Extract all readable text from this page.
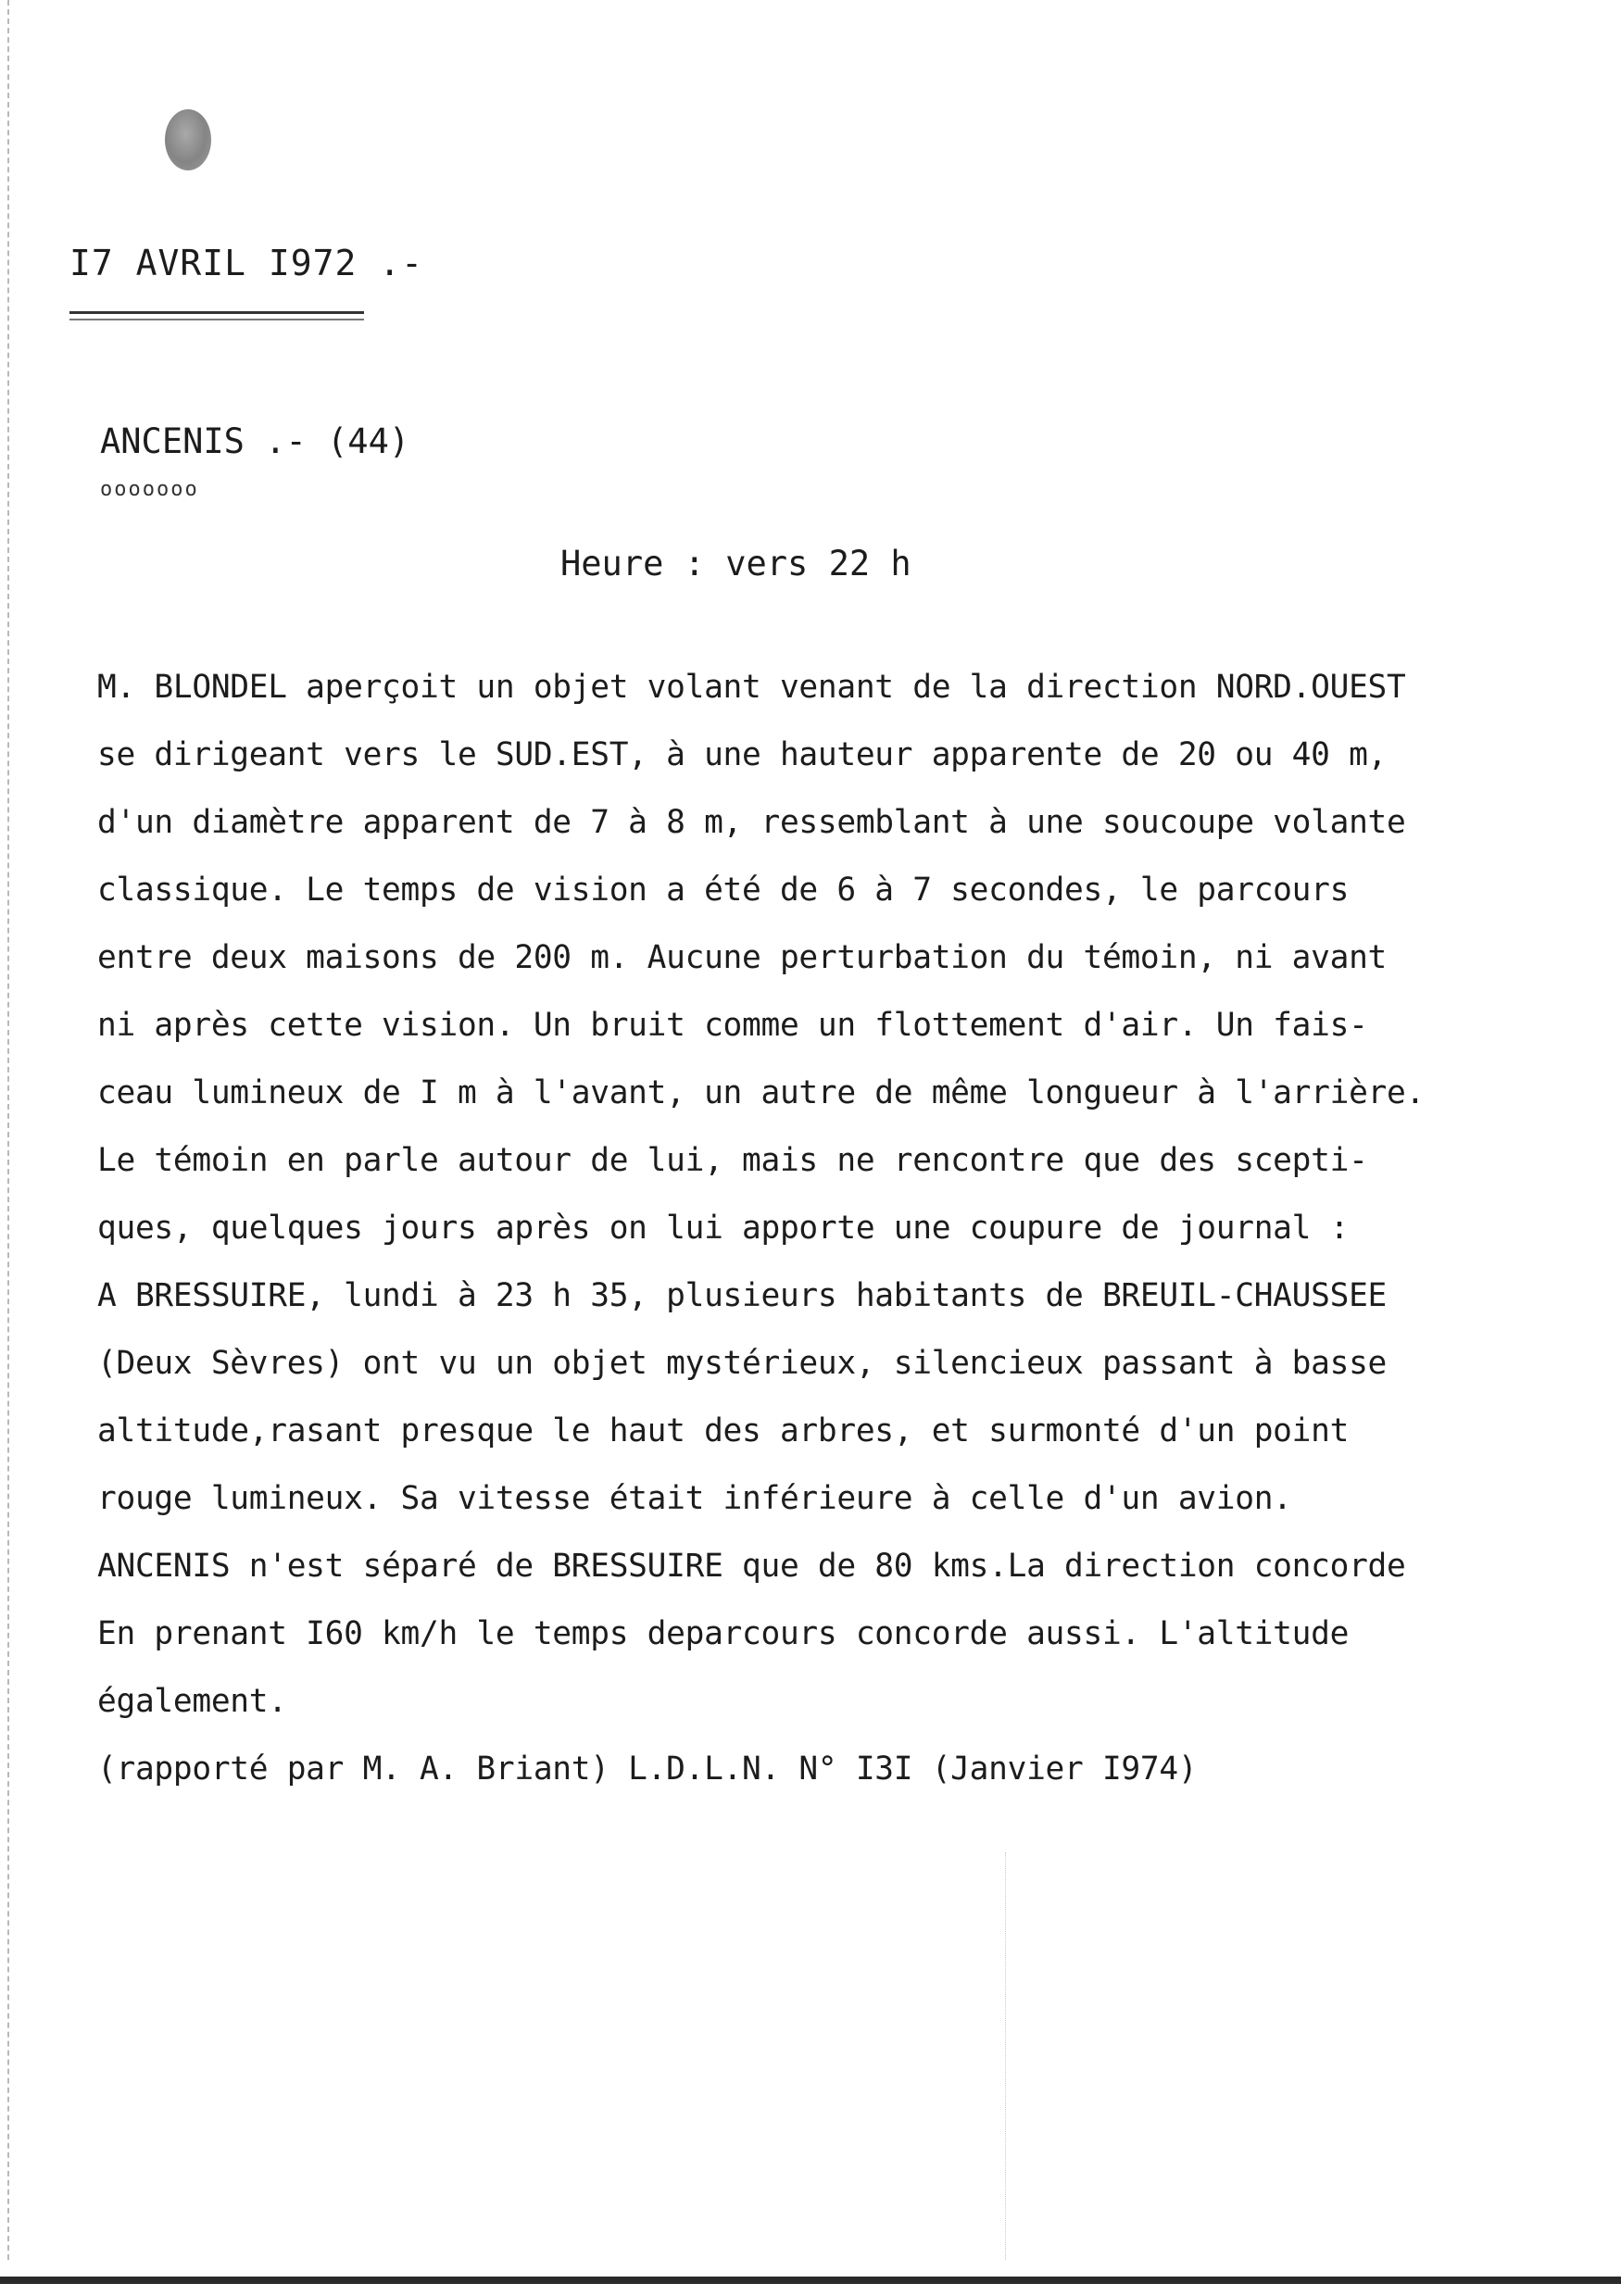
I7 AVRIL I972 .-
ANCENIS .- (44)
ooooooo
Heure : vers 22 h
M. BLONDEL aperçoit un objet volant venant de la direction NORD.OUEST
se dirigeant vers le SUD.EST, à une hauteur apparente de 20 ou 40 m,
d'un diamètre apparent de 7 à 8 m, ressemblant à une soucoupe volante
classique. Le temps de vision a été de 6 à 7 secondes, le parcours
entre deux maisons de 200 m. Aucune perturbation du témoin, ni avant
ni après cette vision. Un bruit comme un flottement d'air. Un fais-
ceau lumineux de I m à l'avant, un autre de même longueur à l'arrière.
Le témoin en parle autour de lui, mais ne rencontre que des scepti-
ques, quelques jours après on lui apporte une coupure de journal :
A BRESSUIRE, lundi à 23 h 35, plusieurs habitants de BREUIL-CHAUSSEE
(Deux Sèvres) ont vu un objet mystérieux, silencieux passant à basse
altitude,rasant presque le haut des arbres, et surmonté d'un point
rouge lumineux. Sa vitesse était inférieure à celle d'un avion.
ANCENIS n'est séparé de BRESSUIRE que de 80 kms.La direction concorde
En prenant I60 km/h le temps deparcours concorde aussi. L'altitude
également.
(rapporté par M. A. Briant) L.D.L.N. N° I3I (Janvier I974)
